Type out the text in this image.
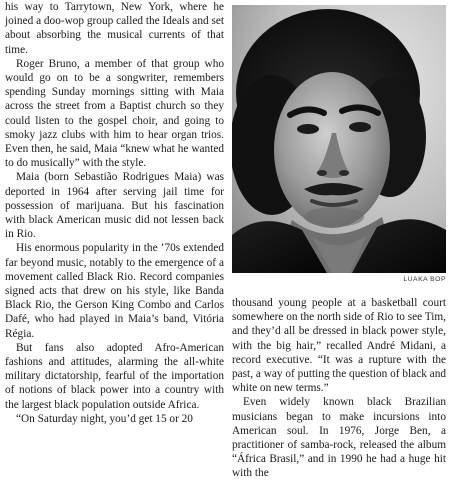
his way to Tarrytown, New York, where he joined a doo-wop group called the Ideals and set about absorbing the musical currents of that time.

Roger Bruno, a member of that group who would go on to be a songwriter, remembers spending Sunday mornings sitting with Maia across the street from a Baptist church so they could listen to the gospel choir, and going to smoky jazz clubs with him to hear organ trios. Even then, he said, Maia “knew what he wanted to do musically” with the style.

Maia (born Sebastião Rodrigues Maia) was deported in 1964 after serving jail time for possession of marijuana. But his fascination with black American music did not lessen back in Rio.

His enormous popularity in the ’70s extended far beyond music, notably to the emergence of a movement called Black Rio. Record companies signed acts that drew on his style, like Banda Black Rio, the Gerson King Combo and Carlos Dafé, who had played in Maia’s band, Vitória Régia.

But fans also adopted Afro-American fashions and attitudes, alarming the all-white military dictatorship, fearful of the importation of notions of black power into a country with the largest black population outside Africa.

“On Saturday night, you’d get 15 or 20

LUAKA BOP

thousand young people at a basketball court somewhere on the north side of Rio to see Tim, and they’d all be dressed in black power style, with the big hair,” recalled André Midani, a record executive. “It was a rupture with the past, a way of putting the question of black and white on new terms.”

Even widely known black Brazilian musicians began to make incursions into American soul. In 1976, Jorge Ben, a practitioner of samba-rock, released the album “África Brasil,” and in 1990 he had a huge hit with the
